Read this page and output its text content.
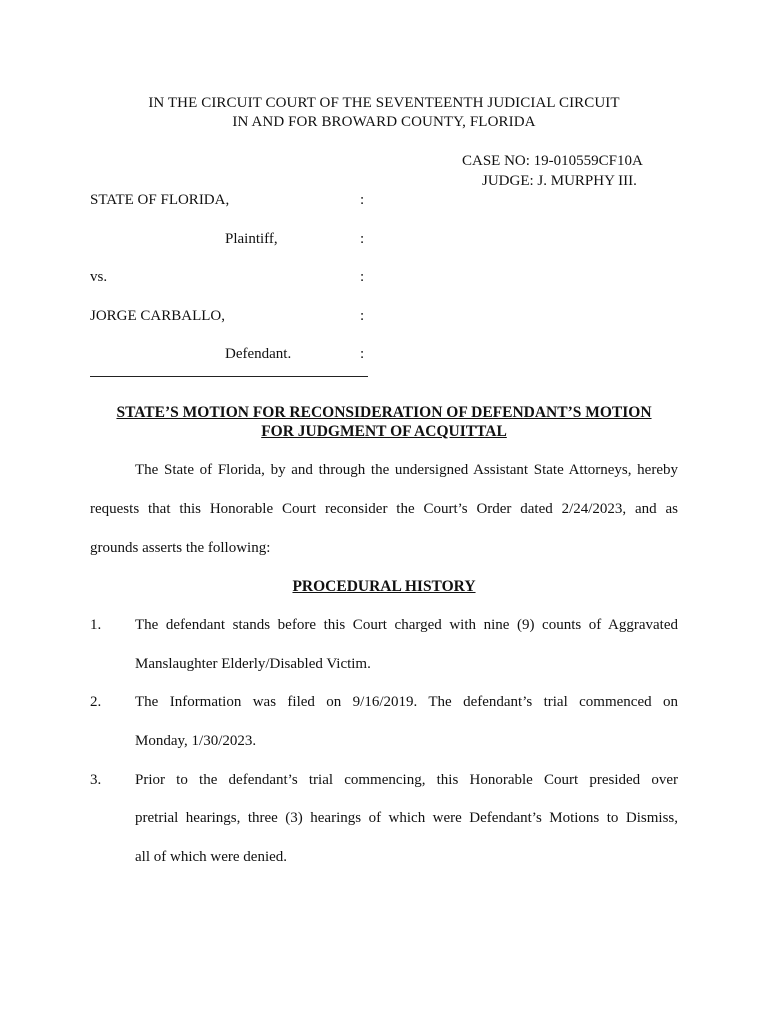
IN THE CIRCUIT COURT OF THE SEVENTEENTH JUDICIAL CIRCUIT
IN AND FOR BROWARD COUNTY, FLORIDA
CASE NO: 19-010559CF10A
JUDGE: J. MURPHY III.
STATE OF FLORIDA,	:
Plaintiff,	:
vs.	:
JORGE CARBALLO,	:
Defendant.	:
STATE’S MOTION FOR RECONSIDERATION OF DEFENDANT’S MOTION
FOR JUDGMENT OF ACQUITTAL
The State of Florida, by and through the undersigned Assistant State Attorneys, hereby
requests that this Honorable Court reconsider the Court’s Order dated 2/24/2023, and as
grounds asserts the following:
PROCEDURAL HISTORY
1. The defendant stands before this Court charged with nine (9) counts of Aggravated
Manslaughter Elderly/Disabled Victim.
2. The Information was filed on 9/16/2019. The defendant’s trial commenced on
Monday, 1/30/2023.
3. Prior to the defendant’s trial commencing, this Honorable Court presided over
pretrial hearings, three (3) hearings of which were Defendant’s Motions to Dismiss,
all of which were denied.
